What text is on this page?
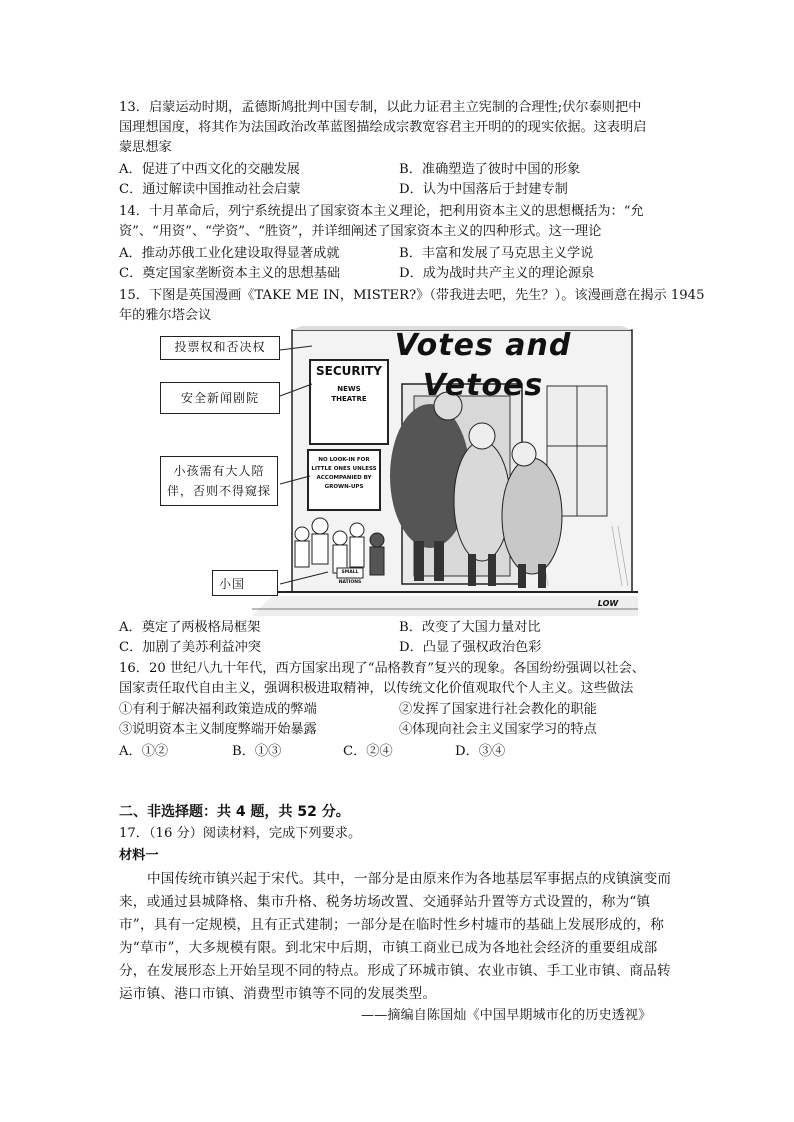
13．启蒙运动时期，孟德斯鸠批判中国专制，以此力证君主立宪制的合理性;伏尔泰则把中
国理想国度，将其作为法国政治改革蓝图描绘成宗教宽容君主开明的的现实依据。这表明启
蒙思想家
A．促进了中西文化的交融发展	B．准确塑造了彼时中国的形象
C．通过解读中国推动社会启蒙	D．认为中国落后于封建专制
14．十月革命后，列宁系统提出了国家资本主义理论，把利用资本主义的思想概括为：“允
资”、“用资”、“学资”、“胜资”，并详细阐述了国家资本主义的四种形式。这一理论
A．推动苏俄工业化建设取得显著成就	B．丰富和发展了马克思主义学说
C．奠定国家垄断资本主义的思想基础	D．成为战时共产主义的理论源泉
15．下图是英国漫画《TAKE ME IN，MISTER?》（带我进去吧，先生？）。该漫画意在揭示 1945
年的雅尔塔会议
Votes and Vetoes
SECURITY
NEWS
THEATRE
NO LOOK-IN FOR
LITTLE ONES UNLESS
ACCOMPANIED BY
GROWN-UPS
SMALL NATIONS
LOW
投票权和否决权
安全新闻剧院
小孩需有大人陪
伴，否则不得窥探
小国
A．奠定了两极格局框架	B．改变了大国力量对比
C．加剧了美苏利益冲突	D．凸显了强权政治色彩
16．20 世纪八九十年代，西方国家出现了“品格教育”复兴的现象。各国纷纷强调以社会、
国家责任取代自由主义，强调积极进取精神，以传统文化价值观取代个人主义。这些做法
①有利于解决福利政策造成的弊端	②发挥了国家进行社会教化的职能
③说明资本主义制度弊端开始暴露	④体现向社会主义国家学习的特点
A．①②	B．①③	C．②④	D．③④
二、非选择题：共 4 题，共 52 分。
17．（16 分）阅读材料，完成下列要求。
材料一
中国传统市镇兴起于宋代。其中，一部分是由原来作为各地基层军事据点的戍镇演变而
来，或通过县城降格、集市升格、税务坊场改置、交通驿站升置等方式设置的，称为“镇
市”，具有一定规模，且有正式建制；一部分是在临时性乡村墟市的基础上发展形成的，称
为“草市”，大多规模有限。到北宋中后期，市镇工商业已成为各地社会经济的重要组成部
分，在发展形态上开始呈现不同的特点。形成了环城市镇、农业市镇、手工业市镇、商品转
运市镇、港口市镇、消费型市镇等不同的发展类型。
——摘编自陈国灿《中国早期城市化的历史透视》
